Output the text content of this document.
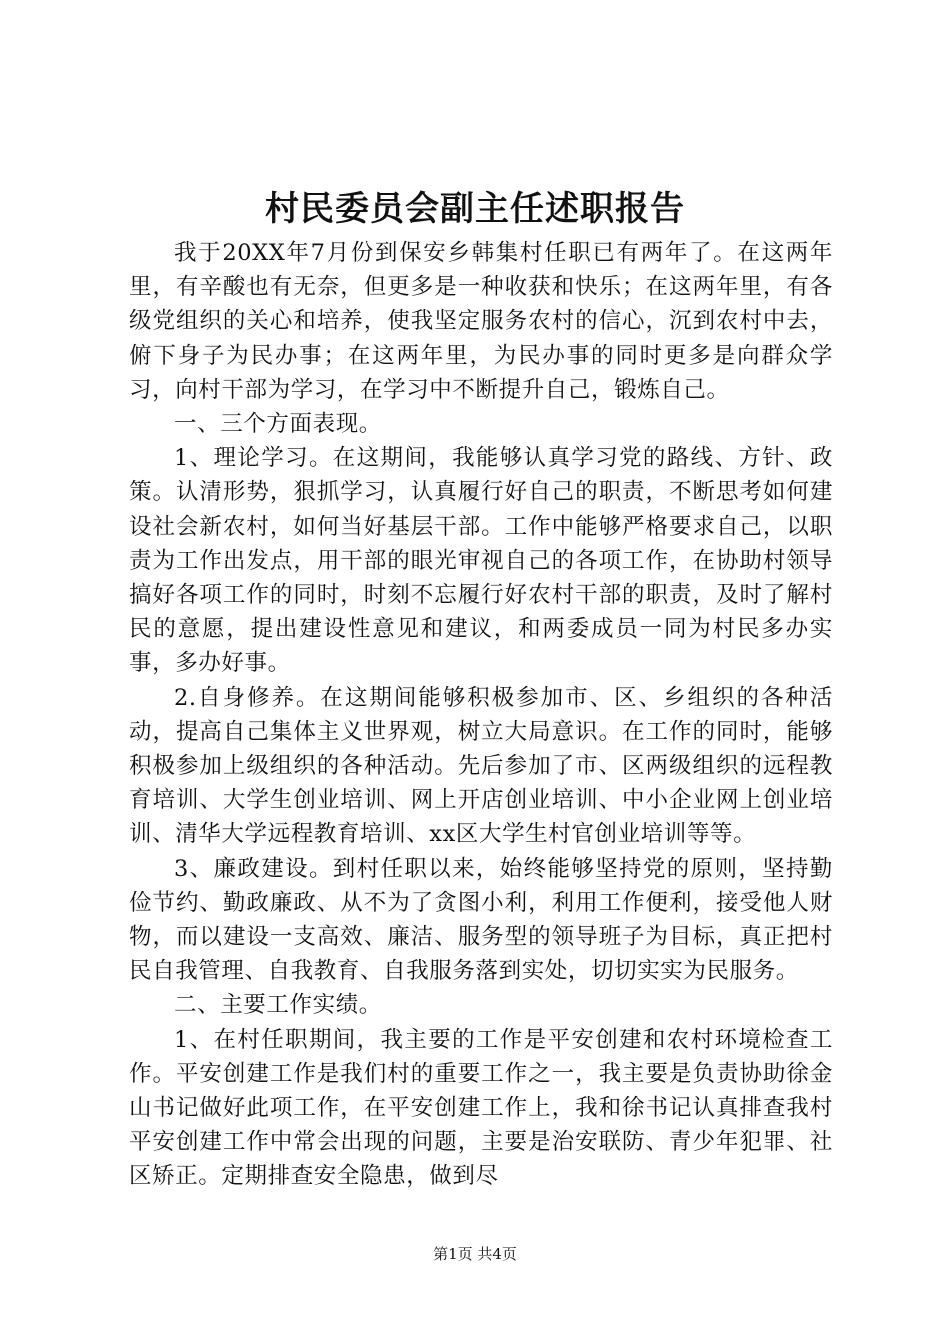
村民委员会副主任述职报告

我于20XX年7月份到保安乡韩集村任职已有两年了。在这两年里，有辛酸也有无奈，但更多是一种收获和快乐；在这两年里，有各级党组织的关心和培养，使我坚定服务农村的信心，沉到农村中去，俯下身子为民办事；在这两年里，为民办事的同时更多是向群众学习，向村干部为学习，在学习中不断提升自己，锻炼自己。

一、三个方面表现。

1、理论学习。在这期间，我能够认真学习党的路线、方针、政策。认清形势，狠抓学习，认真履行好自己的职责，不断思考如何建设社会新农村，如何当好基层干部。工作中能够严格要求自己，以职责为工作出发点，用干部的眼光审视自己的各项工作，在协助村领导搞好各项工作的同时，时刻不忘履行好农村干部的职责，及时了解村民的意愿，提出建设性意见和建议，和两委成员一同为村民多办实事，多办好事。

2.自身修养。在这期间能够积极参加市、区、乡组织的各种活动，提高自己集体主义世界观，树立大局意识。在工作的同时，能够积极参加上级组织的各种活动。先后参加了市、区两级组织的远程教育培训、大学生创业培训、网上开店创业培训、中小企业网上创业培训、清华大学远程教育培训、xx区大学生村官创业培训等等。

3、廉政建设。到村任职以来，始终能够坚持党的原则，坚持勤俭节约、勤政廉政、从不为了贪图小利，利用工作便利，接受他人财物，而以建设一支高效、廉洁、服务型的领导班子为目标，真正把村民自我管理、自我教育、自我服务落到实处，切切实实为民服务。

二、主要工作实绩。

1、在村任职期间，我主要的工作是平安创建和农村环境检查工作。平安创建工作是我们村的重要工作之一，我主要是负责协助徐金山书记做好此项工作，在平安创建工作上，我和徐书记认真排查我村平安创建工作中常会出现的问题，主要是治安联防、青少年犯罪、社区矫正。定期排查安全隐患，做到尽

第1页 共4页
